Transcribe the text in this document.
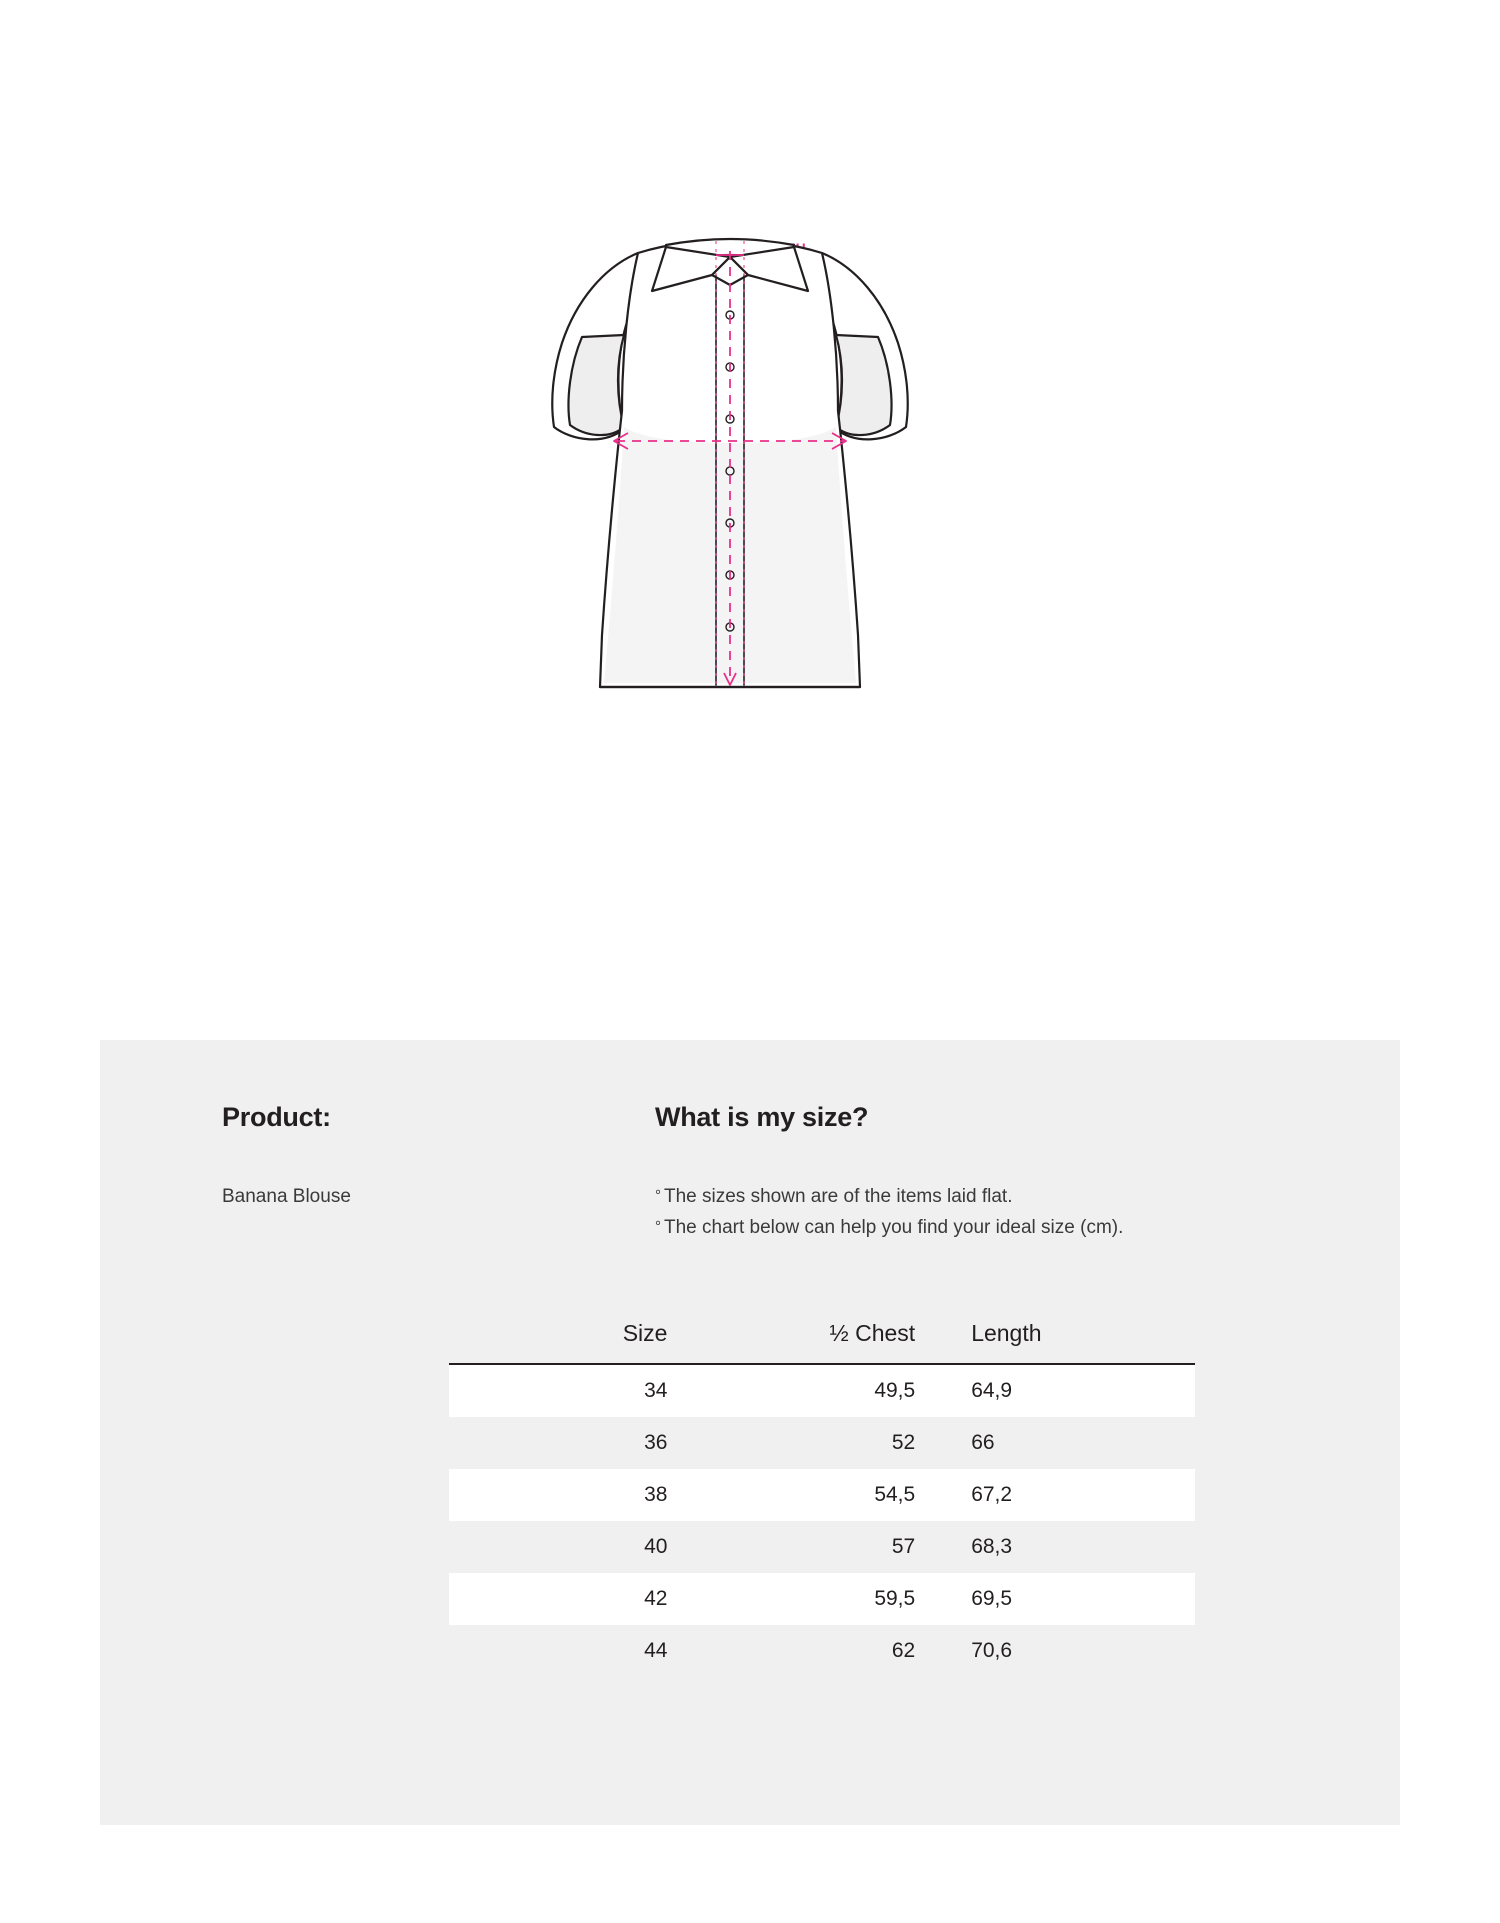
Product:

Banana Blouse

What is my size?

° The sizes shown are of the items laid flat.
° The chart below can help you find your ideal size (cm).
	Size	½ Chest	Length
	34	49,5	64,9
	36	52	66
	38	54,5	67,2
	40	57	68,3
	42	59,5	69,5
	44	62	70,6
